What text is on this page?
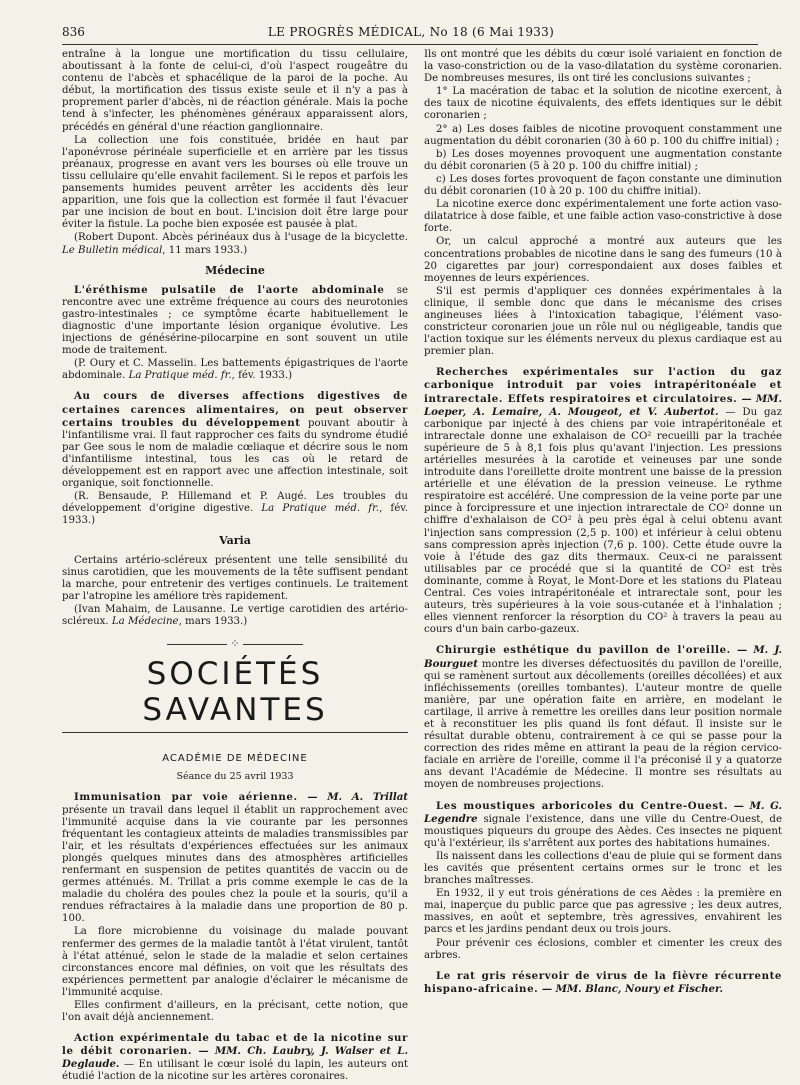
836	LE PROGRÈS MÉDICAL, No 18 (6 Mai 1933)

entraîne à la longue une mortification du tissu cellulaire, aboutissant à la fonte de celui-ci, d'où l'aspect rougeâtre du contenu de l'abcès et sphacélique de la paroi de la poche. Au début, la mortification des tissus existe seule et il n'y a pas à proprement parler d'abcès, ni de réaction générale. Mais la poche tend à s'infecter, les phénomènes généraux apparaissent alors, précédés en général d'une réaction ganglionnaire.

La collection une fois constituée, bridée en haut par l'aponévrose périnéale superficielle et en arrière par les tissus préanaux, progresse en avant vers les bourses où elle trouve un tissu cellulaire qu'elle envahit facilement. Si le repos et parfois les pansements humides peuvent arrêter les accidents dès leur apparition, une fois que la collection est formée il faut l'évacuer par une incision de bout en bout. L'incision doit être large pour éviter la fistule. La poche bien exposée est pausée à plat.

(Robert Dupont. Abcès périnéaux dus à l'usage de la bicyclette. Le Bulletin médical, 11 mars 1933.)

Médecine

L'éréthisme pulsatile de l'aorte abdominale se rencontre avec une extrême fréquence au cours des neurotonies gastro-intestinales ; ce symptôme écarte habituellement le diagnostic d'une importante lésion organique évolutive. Les injections de génésérine-pilocarpine en sont souvent un utile mode de traitement.

(P. Oury et C. Masselin. Les battements épigastriques de l'aorte abdominale. La Pratique méd. fr., fév. 1933.)

Au cours de diverses affections digestives de certaines carences alimentaires, on peut observer certains troubles du développement pouvant aboutir à l'infantilisme vrai. Il faut rapprocher ces faits du syndrome étudié par Gee sous le nom de maladie cœliaque et décrire sous le nom d'infantilisme intestinal, tous les cas où le retard de développement est en rapport avec une affection intestinale, soit organique, soit fonctionnelle.

(R. Bensaude, P. Hillemand et P. Augé. Les troubles du développement d'origine digestive. La Pratique méd. fr., fév. 1933.)

Varia

Certains artério-scléreux présentent une telle sensibilité du sinus carotidien, que les mouvements de la tête suffisent pendant la marche, pour entretenir des vertiges continuels. Le traitement par l'atropine les améliore très rapidement.

(Ivan Mahaim, de Lausanne. Le vertige carotidien des artério-scléreux. La Médecine, mars 1933.)

⁘
SOCIÉTÉS SAVANTES
ACADÉMIE DE MÉDECINE
Séance du 25 avril 1933

Immunisation par voie aérienne. — M. A. Trillat présente un travail dans lequel il établit un rapprochement avec l'immunité acquise dans la vie courante par les personnes fréquentant les contagieux atteints de maladies transmissibles par l'air, et les résultats d'expériences effectuées sur les animaux plongés quelques minutes dans des atmosphères artificielles renfermant en suspension de petites quantités de vaccin ou de germes atténués. M. Trillat a pris comme exemple le cas de la maladie du choléra des poules chez la poule et la souris, qu'il a rendues réfractaires à la maladie dans une proportion de 80 p. 100.

La flore microbienne du voisinage du malade pouvant renfermer des germes de la maladie tantôt à l'état virulent, tantôt à l'état atténué, selon le stade de la maladie et selon certaines circonstances encore mal définies, on voit que les résultats des expériences permettent par analogie d'éclairer le mécanisme de l'immunité acquise.

Elles confirment d'ailleurs, en la précisant, cette notion, que l'on avait déjà anciennement.

Action expérimentale du tabac et de la nicotine sur le débit coronarien. — MM. Ch. Laubry, J. Walser et L. Deglaude. — En utilisant le cœur isolé du lapin, les auteurs ont étudié l'action de la nicotine sur les artères coronaires.

Ils ont montré que les débits du cœur isolé variaient en fonction de la vaso-constriction ou de la vaso-dilatation du système coronarien. De nombreuses mesures, ils ont tiré les conclusions suivantes ;

1° La macération de tabac et la solution de nicotine exercent, à des taux de nicotine équivalents, des effets identiques sur le débit coronarien ;

2° a) Les doses faibles de nicotine provoquent constamment une augmentation du débit coronarien (30 à 60 p. 100 du chiffre initial) ;

b) Les doses moyennes provoquent une augmentation constante du débit coronarien (5 à 20 p. 100 du chiffre initial) ;

c) Les doses fortes provoquent de façon constante une diminution du débit coronarien (10 à 20 p. 100 du chiffre initial).

La nicotine exerce donc expérimentalement une forte action vaso-dilatatrice à dose faible, et une faible action vaso-constrictive à dose forte.

Or, un calcul approché a montré aux auteurs que les concentrations probables de nicotine dans le sang des fumeurs (10 à 20 cigarettes par jour) correspondaient aux doses faibles et moyennes de leurs expériences.

S'il est permis d'appliquer ces données expérimentales à la clinique, il semble donc que dans le mécanisme des crises angineuses liées à l'intoxication tabagique, l'élément vaso-constricteur coronarien joue un rôle nul ou négligeable, tandis que l'action toxique sur les éléments nerveux du plexus cardiaque est au premier plan.

Recherches expérimentales sur l'action du gaz carbonique introduit par voies intrapéritonéale et intrarectale. Effets respiratoires et circulatoires. — MM. Loeper, A. Lemaire, A. Mougeot, et V. Aubertot. — Du gaz carbonique par injecté à des chiens par voie intrapéritonéale et intrarectale donne une exhalaison de CO² recueilli par la trachée supérieure de 5 à 8,1 fois plus qu'avant l'injection. Les pressions artérielles mesurées à la carotide et veineuses par une sonde introduite dans l'oreillette droite montrent une baisse de la pression artérielle et une élévation de la pression veineuse. Le rythme respiratoire est accéléré. Une compression de la veine porte par une pince à forcipressure et une injection intrarectale de CO² donne un chiffre d'exhalaison de CO² à peu près égal à celui obtenu avant l'injection sans compression (2,5 p. 100) et inférieur à celui obtenu sans compression après injection (7,6 p. 100). Cette étude ouvre la voie à l'étude des gaz dits thermaux. Ceux-ci ne paraissent utilisables par ce procédé que si la quantité de CO² est très dominante, comme à Royat, le Mont-Dore et les stations du Plateau Central. Ces voies intrapéritonéale et intrarectale sont, pour les auteurs, très supérieures à la voie sous-cutanée et à l'inhalation ; elles viennent renforcer la résorption du CO² à travers la peau au cours d'un bain carbo-gazeux.

Chirurgie esthétique du pavillon de l'oreille. — M. J. Bourguet montre les diverses défectuosités du pavillon de l'oreille, qui se ramènent surtout aux décollements (oreilles décollées) et aux infléchissements (oreilles tombantes). L'auteur montre de quelle manière, par une opération faite en arrière, en modelant le cartilage, il arrive à remettre les oreilles dans leur position normale et à reconstituer les plis quand ils font défaut. Il insiste sur le résultat durable obtenu, contrairement à ce qui se passe pour la correction des rides même en attirant la peau de la région cervico-faciale en arrière de l'oreille, comme il l'a préconisé il y a quatorze ans devant l'Académie de Médecine. Il montre ses résultats au moyen de nombreuses projections.

Les moustiques arboricoles du Centre-Ouest. — M. G. Legendre signale l'existence, dans une ville du Centre-Ouest, de moustiques piqueurs du groupe des Aèdes. Ces insectes ne piquent qu'à l'extérieur, ils s'arrêtent aux portes des habitations humaines.

Ils naissent dans les collections d'eau de pluie qui se forment dans les cavités que présentent certains ormes sur le tronc et les branches maîtresses.

En 1932, il y eut trois générations de ces Aèdes : la première en mai, inaperçue du public parce que pas agressive ; les deux autres, massives, en août et septembre, très agressives, envahirent les parcs et les jardins pendant deux ou trois jours.

Pour prévenir ces éclosions, combler et cimenter les creux des arbres.

Le rat gris réservoir de virus de la fièvre récurrente hispano-africaine. — MM. Blanc, Noury et Fischer.
